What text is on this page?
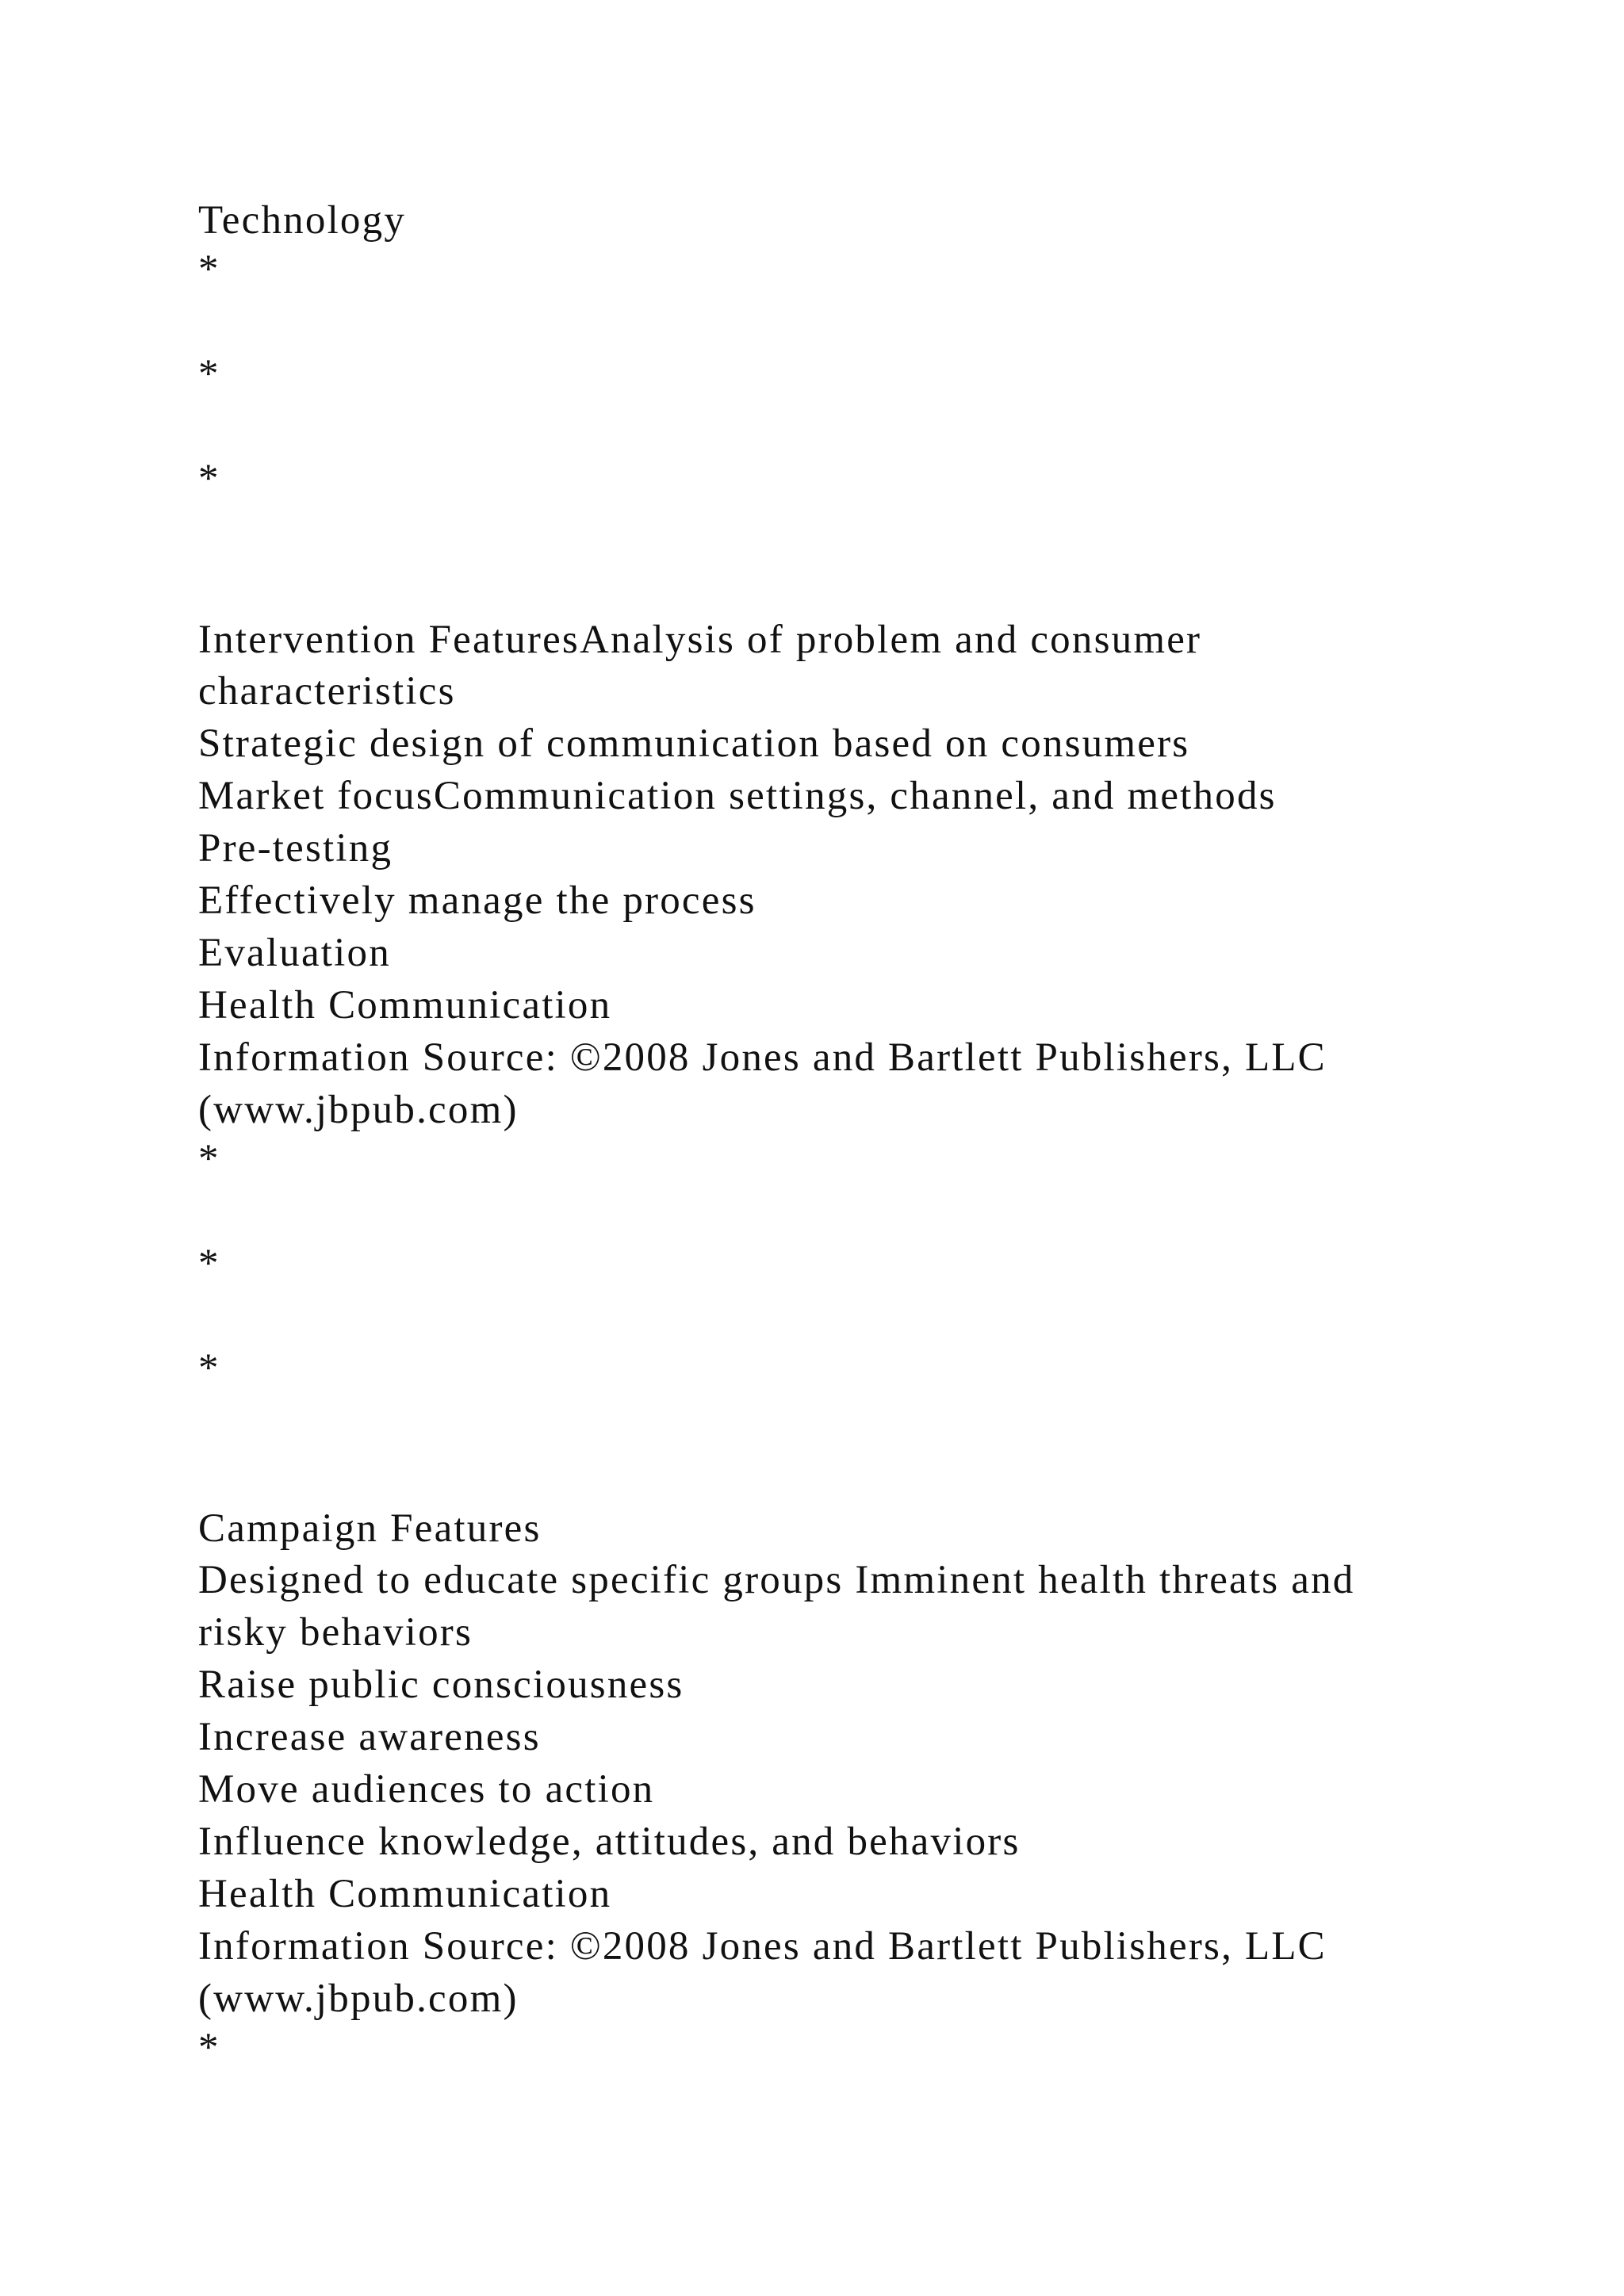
Technology
*
*
*
Intervention FeaturesAnalysis of problem and consumer
characteristics
Strategic design of communication based on consumers
Market focusCommunication settings, channel, and methods
Pre-testing
Effectively manage the process
Evaluation
Health Communication
Information Source: ©2008 Jones and Bartlett Publishers, LLC
(www.jbpub.com)
*
*
*
Campaign Features
Designed to educate specific groups Imminent health threats and
risky behaviors
Raise public consciousness
Increase awareness
Move audiences to action
Influence knowledge, attitudes, and behaviors
Health Communication
Information Source: ©2008 Jones and Bartlett Publishers, LLC
(www.jbpub.com)
*
